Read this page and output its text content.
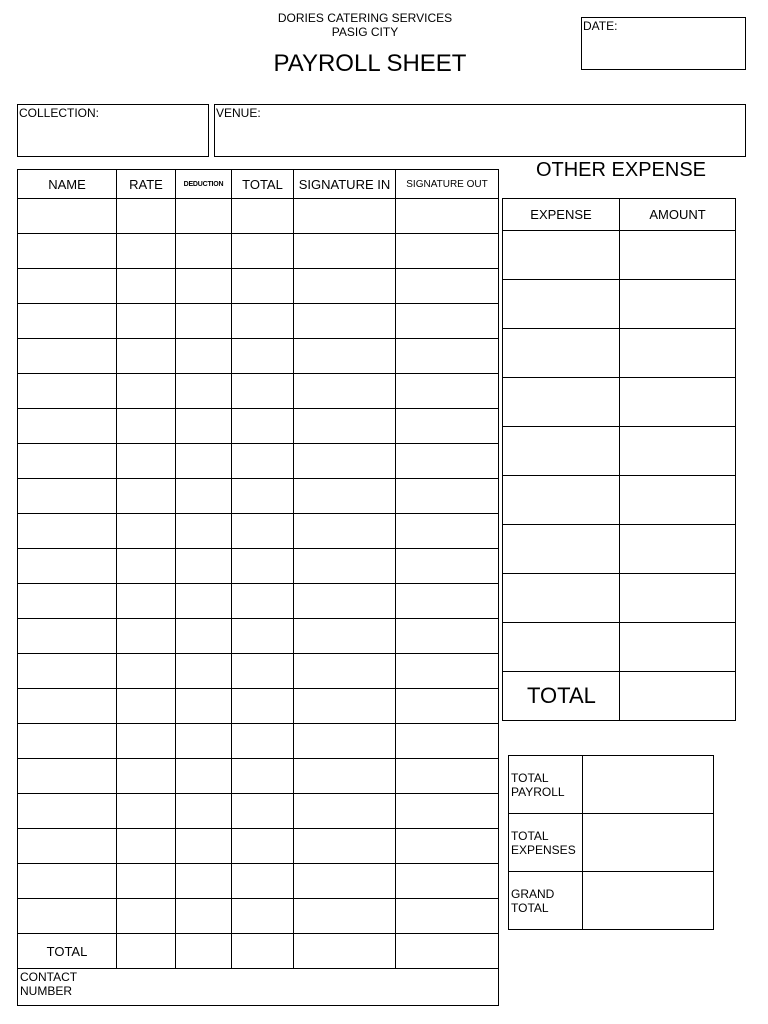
DORIES CATERING SERVICES
PASIG CITY
PAYROLL SHEET
DATE:
COLLECTION:	VENUE:
NAME	RATE	DEDUCTION	TOTAL	SIGNATURE IN	SIGNATURE OUT

TOTAL					

CONTACT NUMBER					
OTHER EXPENSE
EXPENSE	AMOUNT

TOTAL	
TOTAL PAYROLL	

TOTAL EXPENSES	

GRAND TOTAL	
